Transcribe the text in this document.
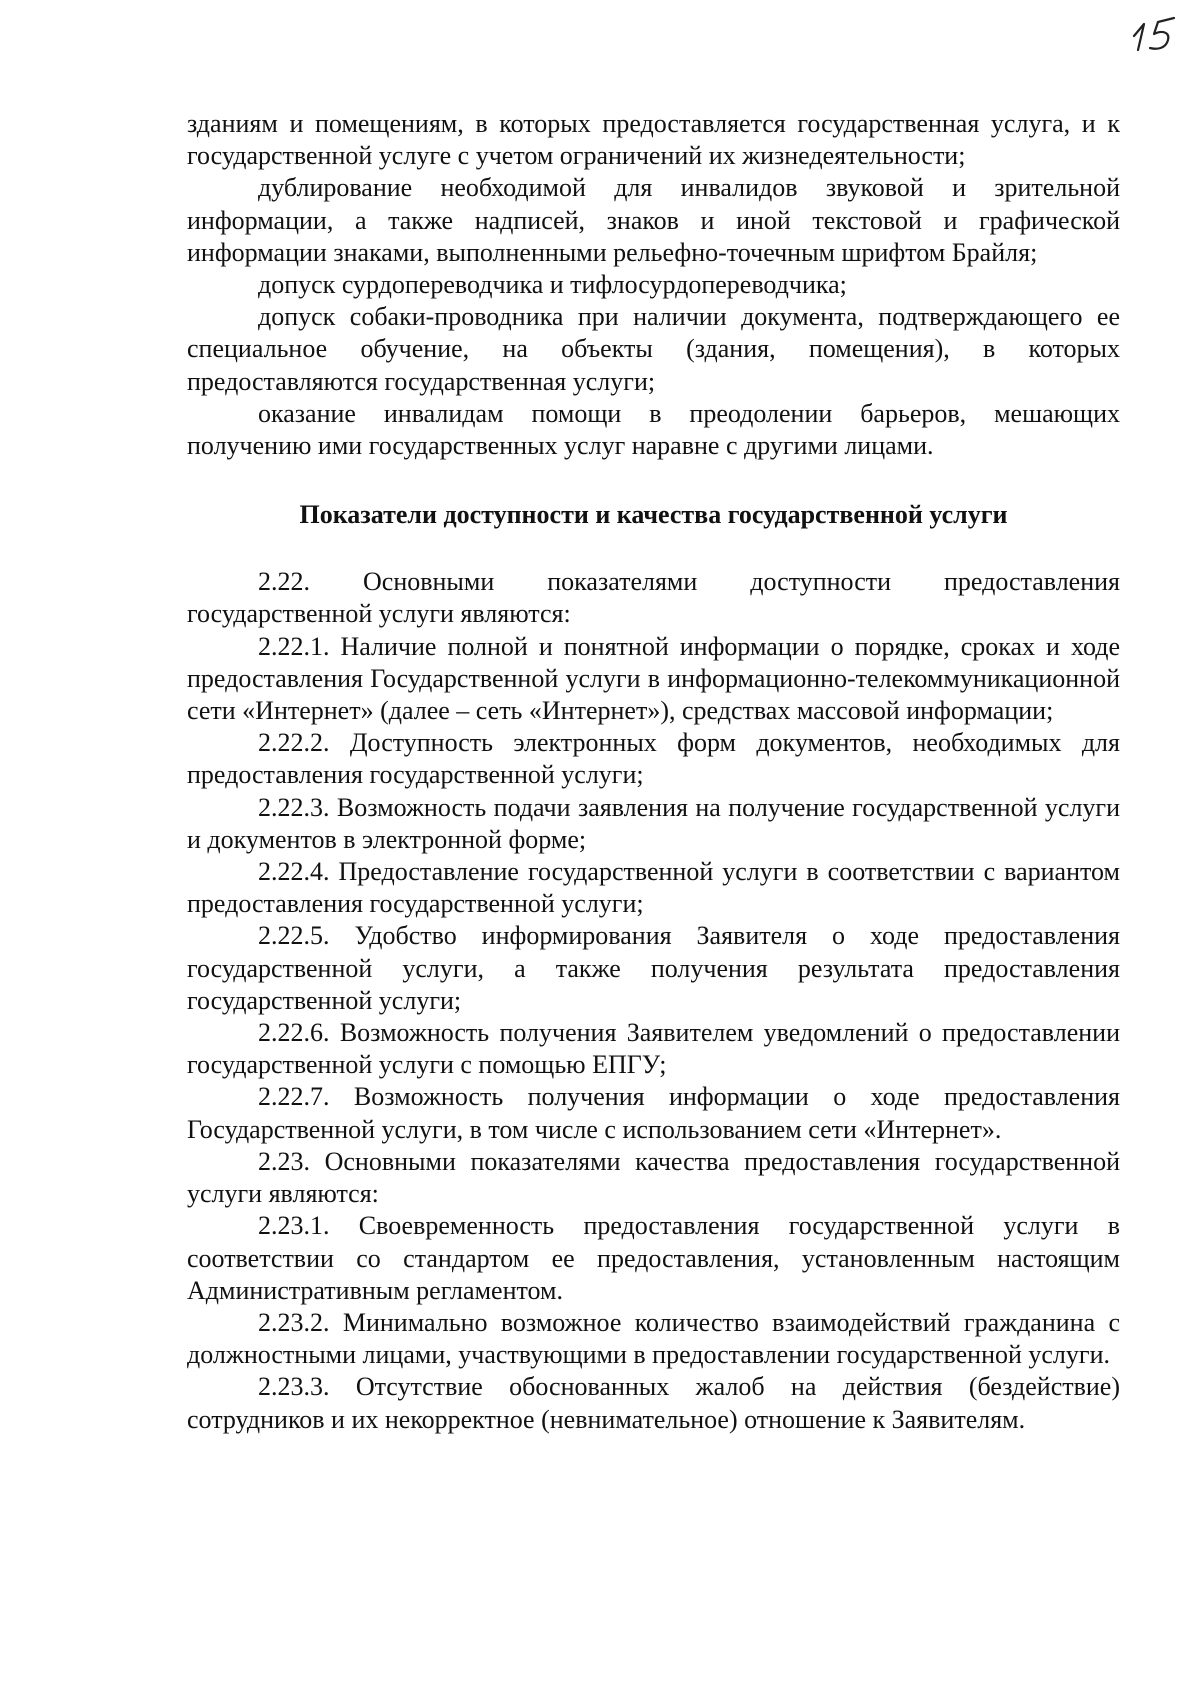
зданиям и помещениям, в которых предоставляется государственная услуга, и к государственной услуге с учетом ограничений их жизнедеятельности;

дублирование необходимой для инвалидов звуковой и зрительной информации, а также надписей, знаков и иной текстовой и графической информации знаками, выполненными рельефно-точечным шрифтом Брайля;

допуск сурдопереводчика и тифлосурдопереводчика;

допуск собаки-проводника при наличии документа, подтверждающего ее специальное обучение, на объекты (здания, помещения), в которых предоставляются государственная услуги;

оказание инвалидам помощи в преодолении барьеров, мешающих получению ими государственных услуг наравне с другими лицами.

Показатели доступности и качества государственной услуги

2.22. Основными показателями доступности предоставления государственной услуги являются:

2.22.1. Наличие полной и понятной информации о порядке, сроках и ходе предоставления Государственной услуги в информационно-телекоммуникационной сети «Интернет» (далее – сеть «Интернет»), средствах массовой информации;

2.22.2. Доступность электронных форм документов, необходимых для предоставления государственной услуги;

2.22.3. Возможность подачи заявления на получение государственной услуги и документов в электронной форме;

2.22.4. Предоставление государственной услуги в соответствии с вариантом предоставления государственной услуги;

2.22.5. Удобство информирования Заявителя о ходе предоставления государственной услуги, а также получения результата предоставления государственной услуги;

2.22.6. Возможность получения Заявителем уведомлений о предоставлении государственной услуги с помощью ЕПГУ;

2.22.7. Возможность получения информации о ходе предоставления Государственной услуги, в том числе с использованием сети «Интернет».

2.23. Основными показателями качества предоставления государственной услуги являются:

2.23.1. Своевременность предоставления государственной услуги в соответствии со стандартом ее предоставления, установленным настоящим Административным регламентом.

2.23.2. Минимально возможное количество взаимодействий гражданина с должностными лицами, участвующими в предоставлении государственной услуги.

2.23.3. Отсутствие обоснованных жалоб на действия (бездействие) сотрудников и их некорректное (невнимательное) отношение к Заявителям.
